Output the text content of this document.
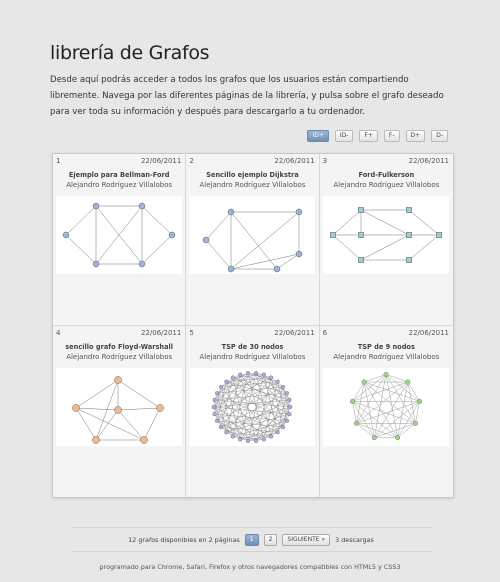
librería de Grafos

Desde aquí podrás acceder a todos los grafos que los usuarios están compartiendo libremente. Navega por las diferentes páginas de la librería, y pulsa sobre el grafo deseado para ver toda su información y después para descargarlo a tu ordenador.

ID+	ID-	F+	F-	D+	D-
1	22/06/2011
Ejemplo para Bellman-Ford
Alejandro Rodríguez Villalobos
2	22/06/2011
Sencillo ejemplo Dijkstra
Alejandro Rodríguez Villalobos
3	22/06/2011
Ford-Fulkerson
Alejandro Rodríguez Villalobos
4	22/06/2011
sencillo grafo Floyd-Warshall
Alejandro Rodríguez Villalobos
5	22/06/2011
TSP de 30 nodos
Alejandro Rodríguez Villalobos
6	22/06/2011
TSP de 9 nodos
Alejandro Rodríguez Villalobos
12 grafos disponibles en 2 páginas	1	2	SIGUIENTE »	3 descargas
programado para Chrome, Safari, Firefox y otros navegadores compatibles con HTML5 y CSS3
